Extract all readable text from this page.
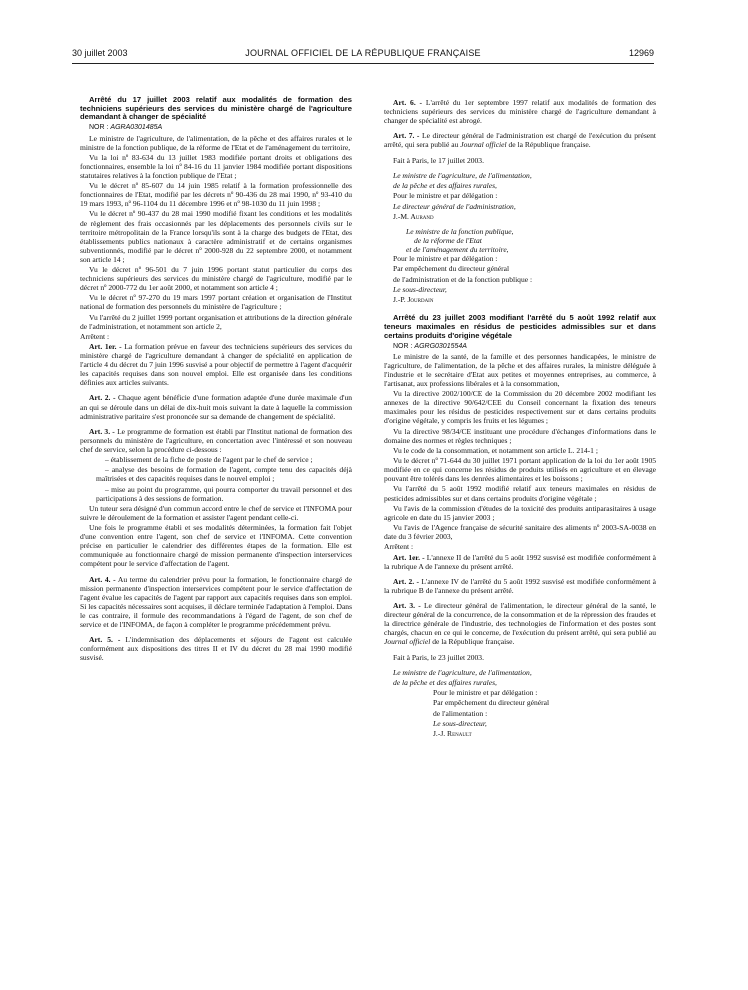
30 juillet 2003	JOURNAL OFFICIEL DE LA RÉPUBLIQUE FRANÇAISE	12969

Arrêté du 17 juillet 2003 relatif aux modalités de formation des techniciens supérieurs des services du ministère chargé de l'agriculture demandant à changer de spécialité

NOR : AGRA0301485A

Le ministre de l'agriculture, de l'alimentation, de la pêche et des affaires rurales et le ministre de la fonction publique, de la réforme de l'Etat et de l'aménagement du territoire,

Vu la loi nº 83-634 du 13 juillet 1983 modifiée portant droits et obligations des fonctionnaires, ensemble la loi nº 84-16 du 11 janvier 1984 modifiée portant dispositions statutaires relatives à la fonction publique de l'Etat ;

Vu le décret nº 85-607 du 14 juin 1985 relatif à la formation professionnelle des fonctionnaires de l'Etat, modifié par les décrets nº 90-436 du 28 mai 1990, nº 93-410 du 19 mars 1993, nº 96-1104 du 11 décembre 1996 et nº 98-1030 du 11 juin 1998 ;

Vu le décret nº 90-437 du 28 mai 1990 modifié fixant les conditions et les modalités de règlement des frais occasionnés par les déplacements des personnels civils sur le territoire métropolitain de la France lorsqu'ils sont à la charge des budgets de l'Etat, des établissements publics nationaux à caractère administratif et de certains organismes subventionnés, modifié par le décret nº 2000-928 du 22 septembre 2000, et notamment son article 14 ;

Vu le décret nº 96-501 du 7 juin 1996 portant statut particulier du corps des techniciens supérieurs des services du ministère chargé de l'agriculture, modifié par le décret nº 2000-772 du 1er août 2000, et notamment son article 4 ;

Vu le décret nº 97-270 du 19 mars 1997 portant création et organisation de l'Institut national de formation des personnels du ministère de l'agriculture ;

Vu l'arrêté du 2 juillet 1999 portant organisation et attributions de la direction générale de l'administration, et notamment son article 2,

Arrêtent :

Art. 1er. - La formation prévue en faveur des techniciens supérieurs des services du ministère chargé de l'agriculture demandant à changer de spécialité en application de l'article 4 du décret du 7 juin 1996 susvisé a pour objectif de permettre à l'agent d'acquérir les capacités requises dans son nouvel emploi. Elle est organisée dans les conditions définies aux articles suivants.

Art. 2. - Chaque agent bénéficie d'une formation adaptée d'une durée maximale d'un an qui se déroule dans un délai de dix-huit mois suivant la date à laquelle la commission administrative paritaire s'est prononcée sur sa demande de changement de spécialité.

Art. 3. - Le programme de formation est établi par l'Institut national de formation des personnels du ministère de l'agriculture, en concertation avec l'intéressé et son nouveau chef de service, selon la procédure ci-dessous :

– établissement de la fiche de poste de l'agent par le chef de service ;

– analyse des besoins de formation de l'agent, compte tenu des capacités déjà maîtrisées et des capacités requises dans le nouvel emploi ;

– mise au point du programme, qui pourra comporter du travail personnel et des participations à des sessions de formation.

Un tuteur sera désigné d'un commun accord entre le chef de service et l'INFOMA pour suivre le déroulement de la formation et assister l'agent pendant celle-ci.

Une fois le programme établi et ses modalités déterminées, la formation fait l'objet d'une convention entre l'agent, son chef de service et l'INFOMA. Cette convention précise en particulier le calendrier des différentes étapes de la formation. Elle est communiquée au fonctionnaire chargé de mission permanente d'inspection interservices compétent pour le service d'affectation de l'agent.

Art. 4. - Au terme du calendrier prévu pour la formation, le fonctionnaire chargé de mission permanente d'inspection interservices compétent pour le service d'affectation de l'agent évalue les capacités de l'agent par rapport aux capacités requises dans son emploi. Si les capacités nécessaires sont acquises, il déclare terminée l'adaptation à l'emploi. Dans le cas contraire, il formule des recommandations à l'égard de l'agent, de son chef de service et de l'INFOMA, de façon à compléter le programme précédemment prévu.

Art. 5. - L'indemnisation des déplacements et séjours de l'agent est calculée conformément aux dispositions des titres II et IV du décret du 28 mai 1990 modifié susvisé.

Art. 6. - L'arrêté du 1er septembre 1997 relatif aux modalités de formation des techniciens supérieurs des services du ministère chargé de l'agriculture demandant à changer de spécialité est abrogé.

Art. 7. - Le directeur général de l'administration est chargé de l'exécution du présent arrêté, qui sera publié au Journal officiel de la République française.

Fait à Paris, le 17 juillet 2003.

Le ministre de l'agriculture, de l'alimentation,

de la pêche et des affaires rurales,

Pour le ministre et par délégation :

Le directeur général de l'administration,

J.-M. Aurand

Le ministre de la fonction publique,

de la réforme de l'Etat

et de l'aménagement du territoire,

Pour le ministre et par délégation :

Par empêchement du directeur général

de l'administration et de la fonction publique :

Le sous-directeur,

J.-P. Jourdain

Arrêté du 23 juillet 2003 modifiant l'arrêté du 5 août 1992 relatif aux teneurs maximales en résidus de pesticides admissibles sur et dans certains produits d'origine végétale

NOR : AGRG0301554A

Le ministre de la santé, de la famille et des personnes handicapées, le ministre de l'agriculture, de l'alimentation, de la pêche et des affaires rurales, la ministre déléguée à l'industrie et le secrétaire d'Etat aux petites et moyennes entreprises, au commerce, à l'artisanat, aux professions libérales et à la consommation,

Vu la directive 2002/100/CE de la Commission du 20 décembre 2002 modifiant les annexes de la directive 90/642/CEE du Conseil concernant la fixation des teneurs maximales pour les résidus de pesticides respectivement sur et dans certains produits d'origine végétale, y compris les fruits et les légumes ;

Vu la directive 98/34/CE instituant une procédure d'échanges d'informations dans le domaine des normes et règles techniques ;

Vu le code de la consommation, et notamment son article L. 214-1 ;

Vu le décret nº 71-644 du 30 juillet 1971 portant application de la loi du 1er août 1905 modifiée en ce qui concerne les résidus de produits utilisés en agriculture et en élevage pouvant être tolérés dans les denrées alimentaires et les boissons ;

Vu l'arrêté du 5 août 1992 modifié relatif aux teneurs maximales en résidus de pesticides admissibles sur et dans certains produits d'origine végétale ;

Vu l'avis de la commission d'études de la toxicité des produits antiparasitaires à usage agricole en date du 15 janvier 2003 ;

Vu l'avis de l'Agence française de sécurité sanitaire des aliments nº 2003-SA-0038 en date du 3 février 2003,

Arrêtent :

Art. 1er. - L'annexe II de l'arrêté du 5 août 1992 susvisé est modifiée conformément à la rubrique A de l'annexe du présent arrêté.

Art. 2. - L'annexe IV de l'arrêté du 5 août 1992 susvisé est modifiée conformément à la rubrique B de l'annexe du présent arrêté.

Art. 3. - Le directeur général de l'alimentation, le directeur général de la santé, le directeur général de la concurrence, de la consommation et de la répression des fraudes et la directrice générale de l'industrie, des technologies de l'information et des postes sont chargés, chacun en ce qui le concerne, de l'exécution du présent arrêté, qui sera publié au Journal officiel de la République française.

Fait à Paris, le 23 juillet 2003.

Le ministre de l'agriculture, de l'alimentation,

de la pêche et des affaires rurales,

Pour le ministre et par délégation :

Par empêchement du directeur général

de l'alimentation :

Le sous-directeur,

J.-J. Renault
